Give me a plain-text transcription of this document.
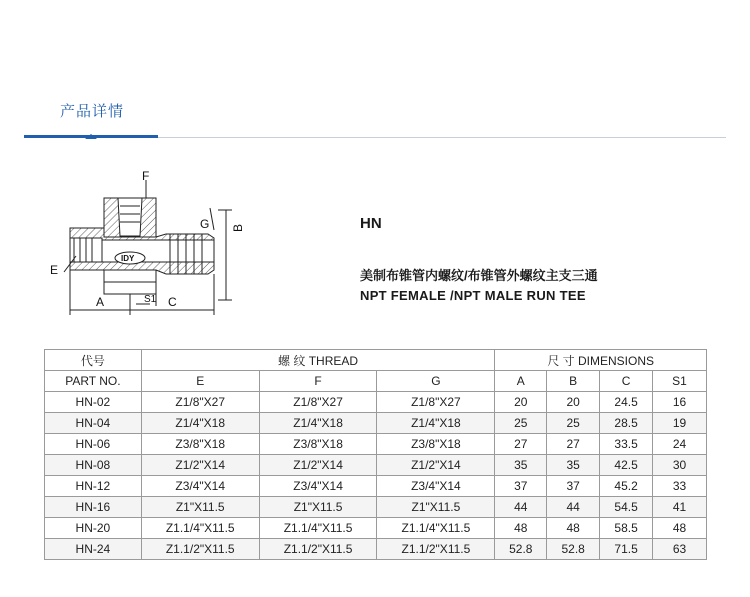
产品详情
F
G B
E
A	S1 C
IDY
HN
美制布锥管内螺纹/布锥管外螺纹主支三通
NPT FEMALE /NPT MALE RUN TEE
代号	螺 纹 THREAD			尺 寸 DIMENSIONS			
PART NO.	E	F	G	A	B	C	S1
HN-02	Z1/8"X27	Z1/8"X27	Z1/8"X27	20	20	24.5	16
HN-04	Z1/4"X18	Z1/4"X18	Z1/4"X18	25	25	28.5	19
HN-06	Z3/8"X18	Z3/8"X18	Z3/8"X18	27	27	33.5	24
HN-08	Z1/2"X14	Z1/2"X14	Z1/2"X14	35	35	42.5	30
HN-12	Z3/4"X14	Z3/4"X14	Z3/4"X14	37	37	45.2	33
HN-16	Z1"X11.5	Z1"X11.5	Z1"X11.5	44	44	54.5	41
HN-20	Z1.1/4"X11.5	Z1.1/4"X11.5	Z1.1/4"X11.5	48	48	58.5	48
HN-24	Z1.1/2"X11.5	Z1.1/2"X11.5	Z1.1/2"X11.5	52.8	52.8	71.5	63
